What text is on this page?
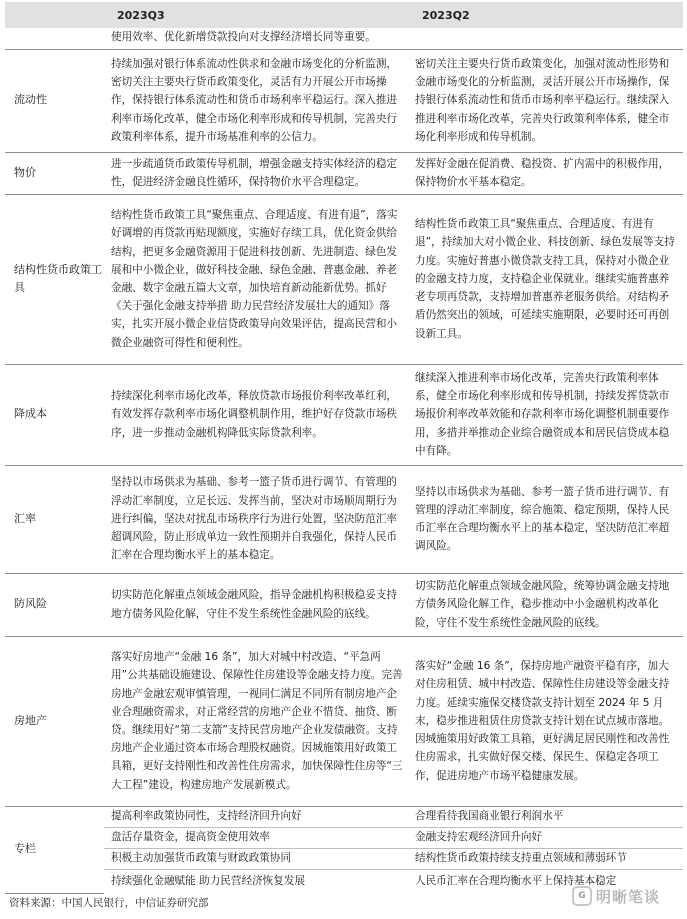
	2023Q3	2023Q2
	使用效率、优化新增贷款投向对支撑经济增长同等重要。	
流动性	持续加强对银行体系流动性供求和金融市场变化的分析监测，密切关注主要央行货币政策变化，灵活有力开展公开市场操作，保持银行体系流动性和货币市场利率平稳运行。深入推进利率市场化改革，健全市场化利率形成和传导机制，完善央行政策利率体系，提升市场基准利率的公信力。	密切关注主要央行货币政策变化，加强对流动性形势和金融市场变化的分析监测，灵活开展公开市场操作，保持银行体系流动性和货币市场利率平稳运行。继续深入推进利率市场化改革，完善央行政策利率体系，健全市场化利率形成和传导机制。
物价	进一步疏通货币政策传导机制，增强金融支持实体经济的稳定性，促进经济金融良性循环，保持物价水平合理稳定。	发挥好金融在促消费、稳投资、扩内需中的积极作用，保持物价水平基本稳定。
结构性货币政策工具	结构性货币政策工具“聚焦重点、合理适度、有进有退”，落实好调增的再贷款再贴现额度，实施好存续工具，优化资金供给结构，把更多金融资源用于促进科技创新、先进制造、绿色发展和中小微企业，做好科技金融、绿色金融、普惠金融、养老金融、数字金融五篇大文章，加快培育新动能新优势。抓好《关于强化金融支持举措 助力民营经济发展壮大的通知》落实，扎实开展小微企业信贷政策导向效果评估，提高民营和小微企业融资可得性和便利性。	结构性货币政策工具“聚焦重点、合理适度、有进有退”，持续加大对小微企业、科技创新、绿色发展等支持力度。实施好普惠小微贷款支持工具，保持对小微企业的金融支持力度，支持稳企业保就业。继续实施普惠养老专项再贷款，支持增加普惠养老服务供给。对结构矛盾仍然突出的领域，可延续实施期限，必要时还可再创设新工具。
降成本	持续深化利率市场化改革，释放贷款市场报价利率改革红利，有效发挥存款利率市场化调整机制作用，维护好存贷款市场秩序，进一步推动金融机构降低实际贷款利率。	继续深入推进利率市场化改革，完善央行政策利率体系，健全市场化利率形成和传导机制，持续发挥贷款市场报价利率改革效能和存款利率市场化调整机制重要作用，多措并举推动企业综合融资成本和居民信贷成本稳中有降。
汇率	坚持以市场供求为基础、参考一篮子货币进行调节、有管理的浮动汇率制度，立足长远、发挥当前，坚决对市场顺周期行为进行纠偏，坚决对扰乱市场秩序行为进行处置，坚决防范汇率超调风险，防止形成单边一致性预期并自我强化，保持人民币汇率在合理均衡水平上的基本稳定。	坚持以市场供求为基础、参考一篮子货币进行调节、有管理的浮动汇率制度，综合施策、稳定预期，保持人民币汇率在合理均衡水平上的基本稳定，坚决防范汇率超调风险。
防风险	切实防范化解重点领域金融风险，指导金融机构积极稳妥支持地方债务风险化解，守住不发生系统性金融风险的底线。	切实防范化解重点领域金融风险，统筹协调金融支持地方债务风险化解工作，稳步推动中小金融机构改革化险，守住不发生系统性金融风险的底线。
房地产	落实好房地产“金融 16 条”，加大对城中村改造、“平急两用”公共基础设施建设、保障性住房建设等金融支持力度。完善房地产金融宏观审慎管理，一视同仁满足不同所有制房地产企业合理融资需求，对正常经营的房地产企业不惜贷、抽贷、断贷。继续用好“第二支箭”支持民营房地产企业发债融资。支持房地产企业通过资本市场合理股权融资。因城施策用好政策工具箱，更好支持刚性和改善性住房需求，加快保障性住房等“三大工程”建设，构建房地产发展新模式。	落实好“金融 16 条”，保持房地产融资平稳有序，加大对住房租赁、城中村改造、保障性住房建设等金融支持力度。延续实施保交楼贷款支持计划至 2024 年 5 月末，稳步推进租赁住房贷款支持计划在试点城市落地。因城施策用好政策工具箱，更好满足居民刚性和改善性住房需求，扎实做好保交楼、保民生、保稳定各项工作，促进房地产市场平稳健康发展。
专栏	提高利率政策协同性，支持经济回升向好	合理看待我国商业银行利润水平
	盘活存量资金，提高资金使用效率	金融支持宏观经济回升向好
	积极主动加强货币政策与财政政策协同	结构性货币政策持续支持重点领域和薄弱环节
	持续强化金融赋能 助力民营经济恢复发展	人民币汇率在合理均衡水平上保持基本稳定
资料来源：中国人民银行，中信证券研究部
G 明晰笔谈
